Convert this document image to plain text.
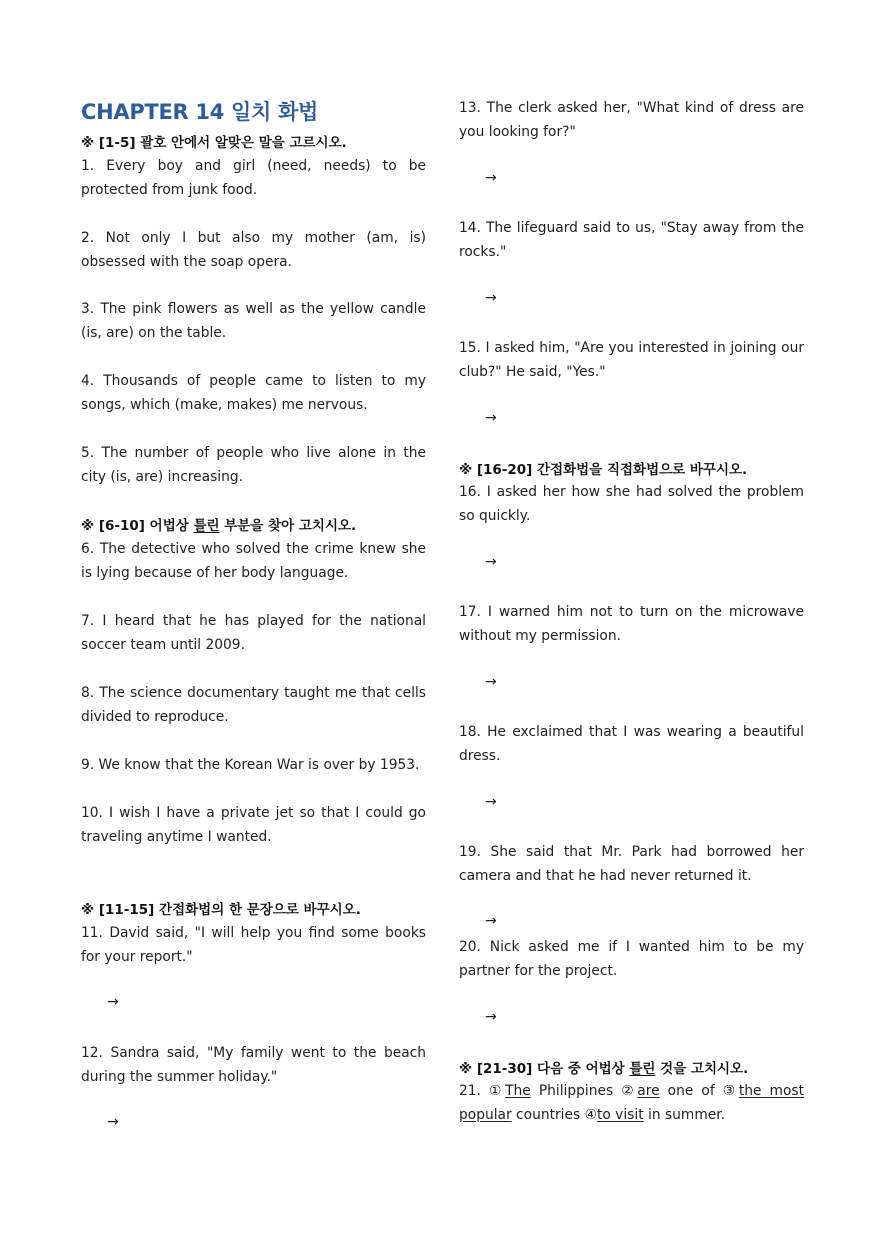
CHAPTER 14 일치 화법
※ [1-5] 괄호 안에서 알맞은 말을 고르시오.

1. Every boy and girl (need, needs) to be protected from junk food.

2. Not only I but also my mother (am, is) obsessed with the soap opera.

3. The pink flowers as well as the yellow candle (is, are) on the table.

4. Thousands of people came to listen to my songs, which (make, makes) me nervous.

5. The number of people who live alone in the city (is, are) increasing.

※ [6-10] 어법상 틀린 부분을 찾아 고치시오.

6. The detective who solved the crime knew she is lying because of her body language.

7. I heard that he has played for the national soccer team until 2009.

8. The science documentary taught me that cells divided to reproduce.

9. We know that the Korean War is over by 1953.

10. I wish I have a private jet so that I could go traveling anytime I wanted.

※ [11-15] 간접화법의 한 문장으로 바꾸시오.

11. David said, "I will help you find some books for your report."

→

12. Sandra said, "My family went to the beach during the summer holiday."

→

13. The clerk asked her, "What kind of dress are you looking for?"

→

14. The lifeguard said to us, "Stay away from the rocks."

→

15. I asked him, "Are you interested in joining our club?" He said, "Yes."

→
※ [16-20] 간접화법을 직접화법으로 바꾸시오.

16. I asked her how she had solved the problem so quickly.

→

17. I warned him not to turn on the microwave without my permission.

→

18. He exclaimed that I was wearing a beautiful dress.

→

19. She said that Mr. Park had borrowed her camera and that he had never returned it.

→

20. Nick asked me if I wanted him to be my partner for the project.

→
※ [21-30] 다음 중 어법상 틀린 것을 고치시오.

21. ①The Philippines ②are one of ③the most popular countries ④to visit in summer.
